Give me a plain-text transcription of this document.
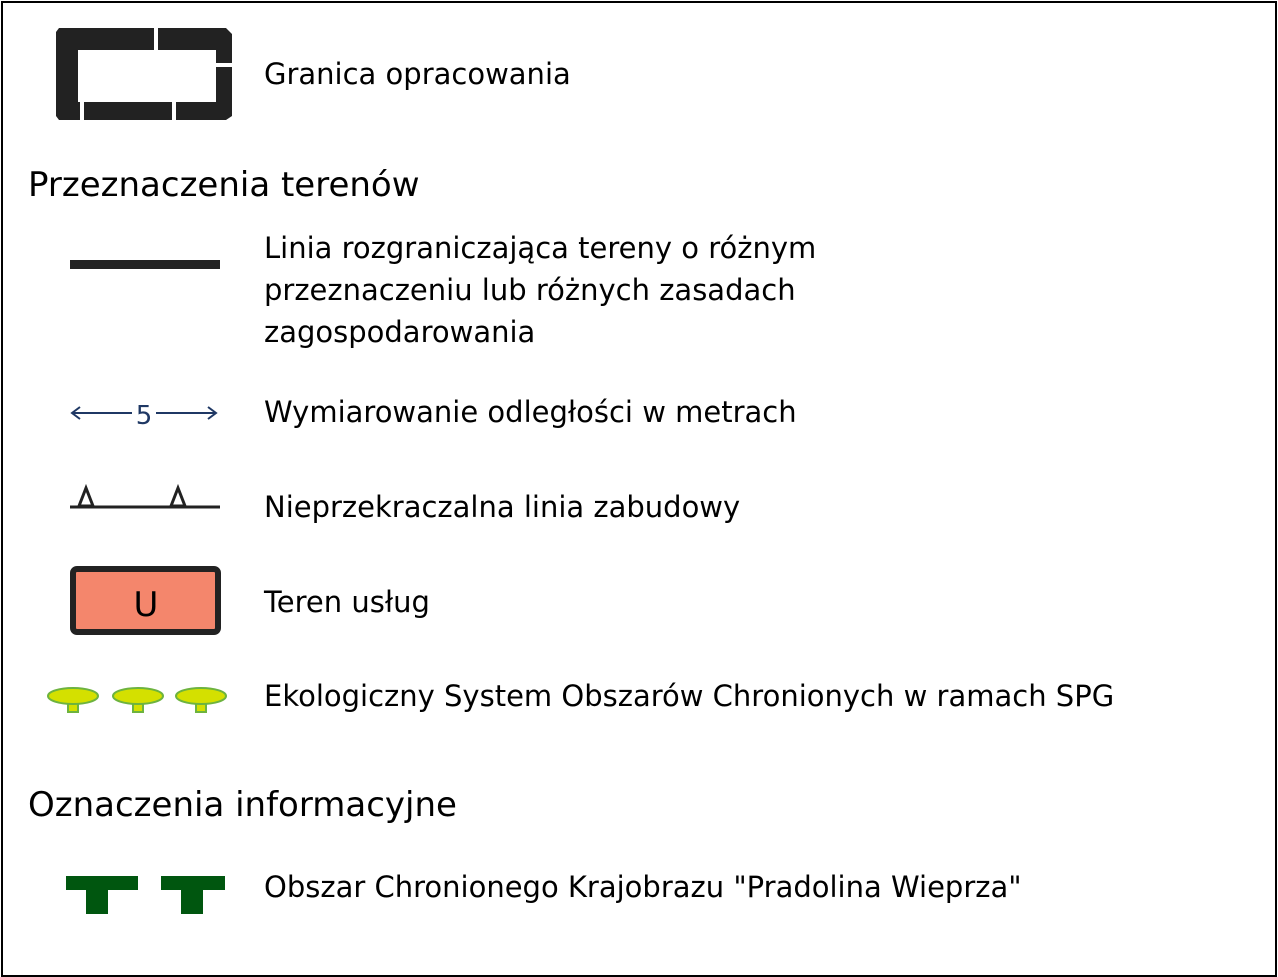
Granica opracowania
Przeznaczenia terenów
Linia rozgraniczająca tereny o różnym
przeznaczeniu lub różnych zasadach
zagospodarowania
5	Wymiarowanie odległości w metrach
Nieprzekraczalna linia zabudowy
U	Teren usług
Ekologiczny System Obszarów Chronionych w ramach SPG
Oznaczenia informacyjne
Obszar Chronionego Krajobrazu "Pradolina Wieprza"
